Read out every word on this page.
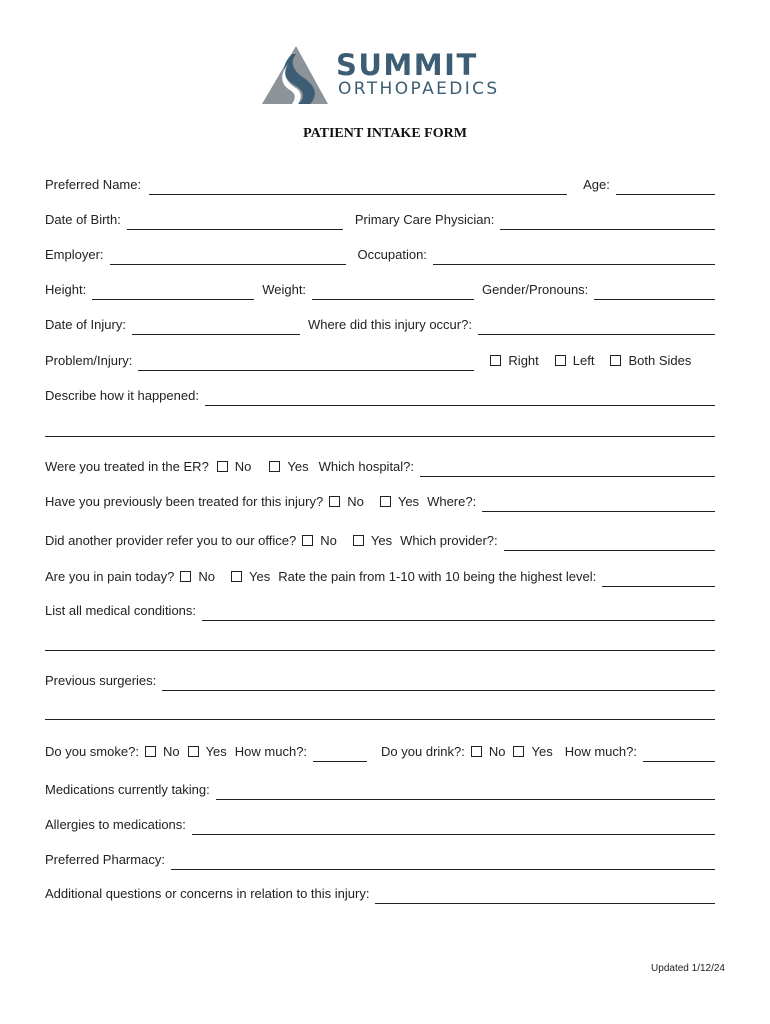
SUMMIT
ORTHOPAEDICS
PATIENT INTAKE FORM
Preferred Name:	Age:
Date of Birth:	Primary Care Physician:
Employer:	Occupation:
Height:	Weight:	Gender/Pronouns:
Date of Injury:	Where did this injury occur?:
Problem/Injury:	Right	Left	Both Sides
Describe how it happened:
Were you treated in the ER? No	Yes Which hospital?:
Have you previously been treated for this injury? No	Yes Where?:
Did another provider refer you to our office? No	Yes Which provider?:
Are you in pain today? No	Yes Rate the pain from 1-10 with 10 being the highest level:
List all medical conditions:
Previous surgeries:
Do you smoke?: No Yes How much?:	Do you drink?: No Yes How much?:
Medications currently taking:
Allergies to medications:
Preferred Pharmacy:
Additional questions or concerns in relation to this injury:
Updated 1/12/24
